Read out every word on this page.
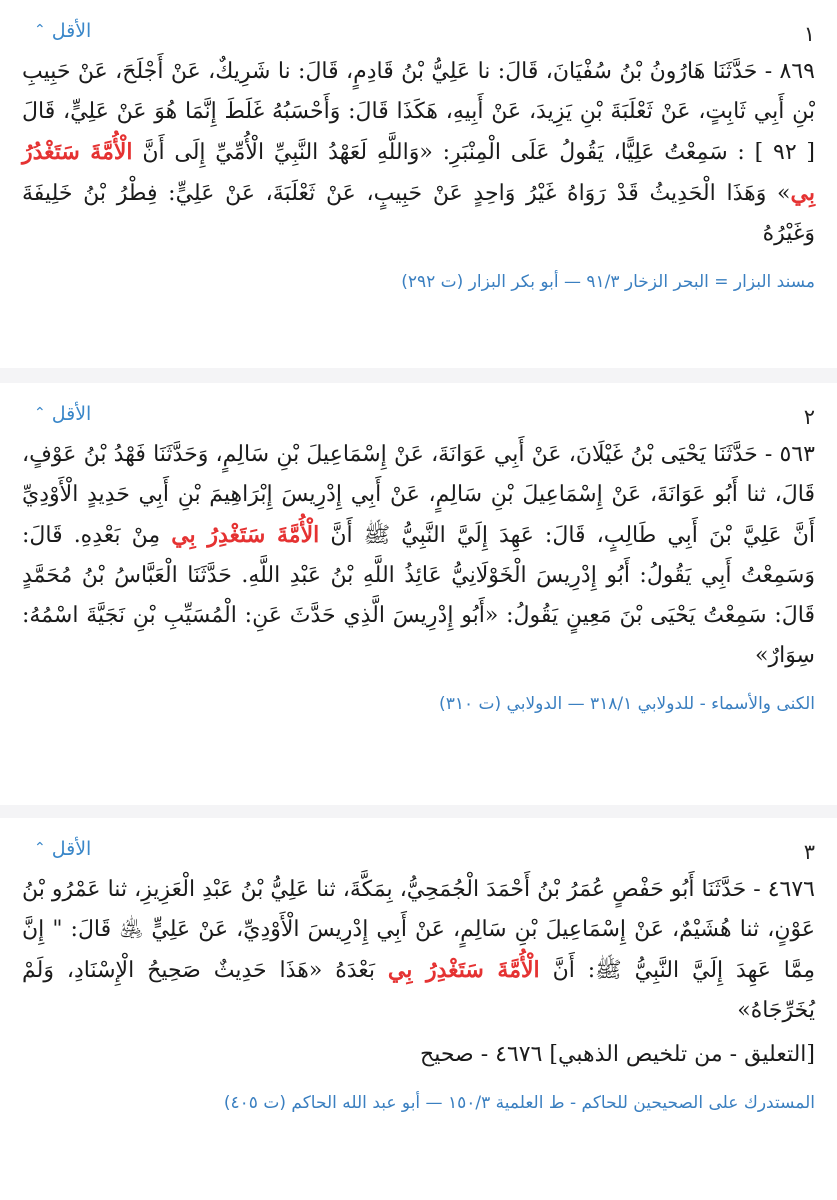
١
الأقل⌃
٨٦٩ - حَدَّثَنَا هَارُونُ بْنُ سُفْيَانَ، قَالَ: نا عَلِيُّ بْنُ قَادِمٍ، قَالَ: نا شَرِيكٌ، عَنْ أَجْلَحَ، عَنْ حَبِيبِ بْنِ أَبِي ثَابِتٍ، عَنْ ثَعْلَبَةَ بْنِ يَزِيدَ، عَنْ أَبِيهِ، هَكَذَا قَالَ: وَأَحْسَبُهُ غَلَطَ إِنَّمَا هُوَ عَنْ عَلِيٍّ، قَالَ [ ٩٢ ] : سَمِعْتُ عَلِيًّا، يَقُولُ عَلَى الْمِنْبَرِ: «وَاللَّهِ لَعَهْدُ النَّبِيِّ الْأُمِّيِّ إِلَى أَنَّ الْأُمَّةَ سَتَغْدُرُ بِي» وَهَذَا الْحَدِيثُ قَدْ رَوَاهُ غَيْرُ وَاحِدٍ عَنْ حَبِيبٍ، عَنْ ثَعْلَبَةَ، عَنْ عَلِيٍّ: فِطْرُ بْنُ خَلِيفَةَ وَغَيْرُهُ
مسند البزار = البحر الزخار ٩١/٣ — أبو بكر البزار (ت ٢٩٢)
٢
الأقل⌃
٥٦٣ - حَدَّثَنَا يَحْيَى بْنُ غَيْلَانَ، عَنْ أَبِي عَوَانَةَ، عَنْ إِسْمَاعِيلَ بْنِ سَالِمٍ، وَحَدَّثَنَا فَهْدُ بْنُ عَوْفٍ، قَالَ، ثنا أَبُو عَوَانَةَ، عَنْ إِسْمَاعِيلَ بْنِ سَالِمٍ، عَنْ أَبِي إِدْرِيسَ إِبْرَاهِيمَ بْنِ أَبِي حَدِيدٍ الْأَوْدِيِّ أَنَّ عَلِيَّ بْنَ أَبِي طَالِبٍ، قَالَ: عَهِدَ إِلَيَّ النَّبِيُّ ﷺ أَنَّ الْأُمَّةَ سَتَغْدِرُ بِي مِنْ بَعْدِهِ. قَالَ: وَسَمِعْتُ أَبِي يَقُولُ: أَبُو إِدْرِيسَ الْخَوْلَانِيُّ عَائِذُ اللَّهِ بْنُ عَبْدِ اللَّهِ. حَدَّثَنَا الْعَبَّاسُ بْنُ مُحَمَّدٍ قَالَ: سَمِعْتُ يَحْيَى بْنَ مَعِينٍ يَقُولُ: «أَبُو إِدْرِيسَ الَّذِي حَدَّثَ عَنِ: الْمُسَيِّبِ بْنِ نَجَيَّةَ اسْمُهُ: سِوَارٌ»
الكنى والأسماء - للدولابي ٣١٨/١ — الدولابي (ت ٣١٠)
٣
الأقل⌃
٤٦٧٦ - حَدَّثَنَا أَبُو حَفْصٍ عُمَرُ بْنُ أَحْمَدَ الْجُمَحِيُّ، بِمَكَّةَ، ثنا عَلِيُّ بْنُ عَبْدِ الْعَزِيزِ، ثنا عَمْرُو بْنُ عَوْنٍ، ثنا هُشَيْمٌ، عَنْ إِسْمَاعِيلَ بْنِ سَالِمٍ، عَنْ أَبِي إِدْرِيسَ الْأَوْدِيِّ، عَنْ عَلِيٍّ ﵁ قَالَ: " إِنَّ مِمَّا عَهِدَ إِلَيَّ النَّبِيُّ ﷺ: أَنَّ الْأُمَّةَ سَتَغْدِرُ بِي بَعْدَهُ «هَذَا حَدِيثٌ صَحِيحُ الْإِسْنَادِ، وَلَمْ يُخَرِّجَاهُ»
[التعليق - من تلخيص الذهبي] ٤٦٧٦ - صحيح
المستدرك على الصحيحين للحاكم - ط العلمية ١٥٠/٣ — أبو عبد الله الحاكم (ت ٤٠٥)
